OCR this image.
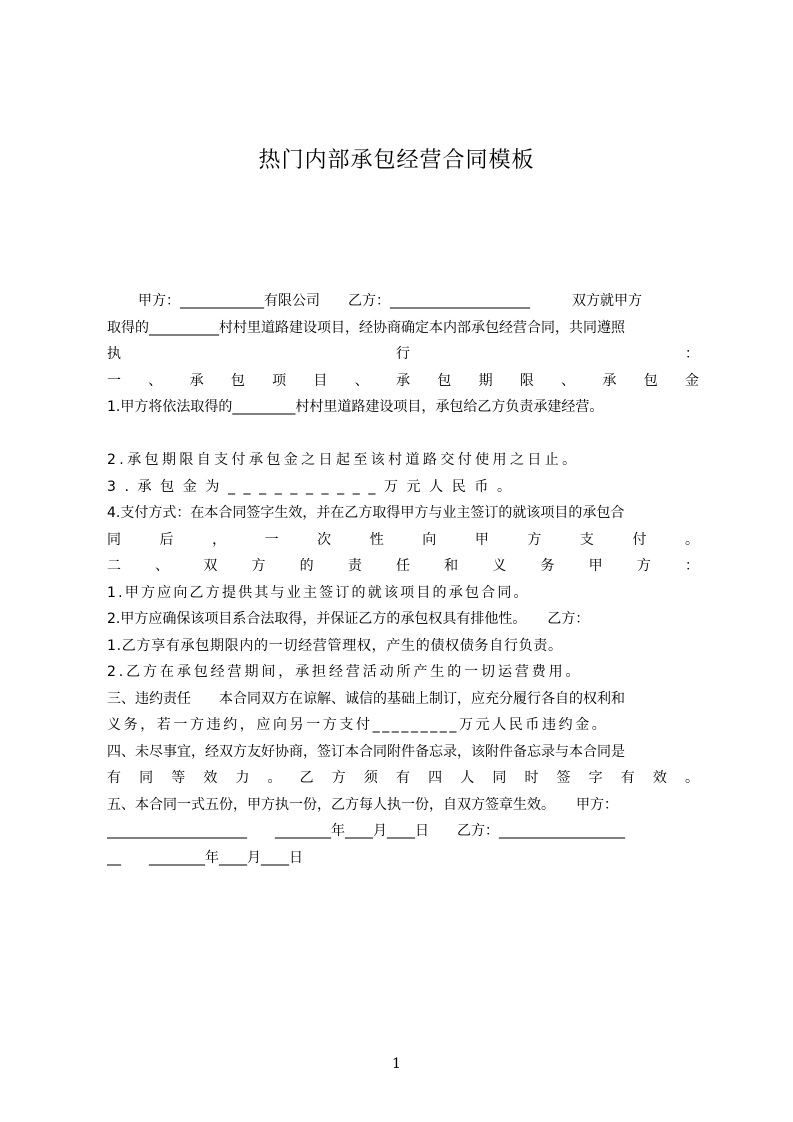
热门内部承包经营合同模板
甲方：____________有限公司　　乙方：____________________　　　双方就甲方
取得的__________村村里道路建设项目，经协商确定本内部承包经营合同，共同遵照
执 行 ：
一 、 承 包 项 目 、 承 包 期 限 、 承 包 金
1.甲方将依法取得的_________村村里道路建设项目，承包给乙方负责承建经营。
2.承包期限自支付承包金之日起至该村道路交付使用之日止。
3.承包金为__________万元人民币。
4.支付方式：在本合同签字生效，并在乙方取得甲方与业主签订的就该项目的承包合
同 后 ， 一 次 性 向 甲 方 支 付 。
二 、 双 方 的 责 任 和 义 务 甲 方 ：
1.甲方应向乙方提供其与业主签订的就该项目的承包合同。
2.甲方应确保该项目系合法取得，并保证乙方的承包权具有排他性。　　乙方：
1.乙方享有承包期限内的一切经营管理权，产生的债权债务自行负责。
2.乙方在承包经营期间，承担经营活动所产生的一切运营费用。
三、违约责任　　本合同双方在谅解、诚信的基础上制订，应充分履行各自的权利和
义务，若一方违约，应向另一方支付_________万元人民币违约金。
四、未尽事宜，经双方友好协商，签订本合同附件备忘录，该附件备忘录与本合同是
有 同 等 效 力 。 乙 方 须 有 四 人 同 时 签 字 有 效 。
五、本合同一式五份，甲方执一份，乙方每人执一份，自双方签章生效。　　甲方：
____________________　　________年____月____日　　乙方：__________________
__　　________年____月____日
1
